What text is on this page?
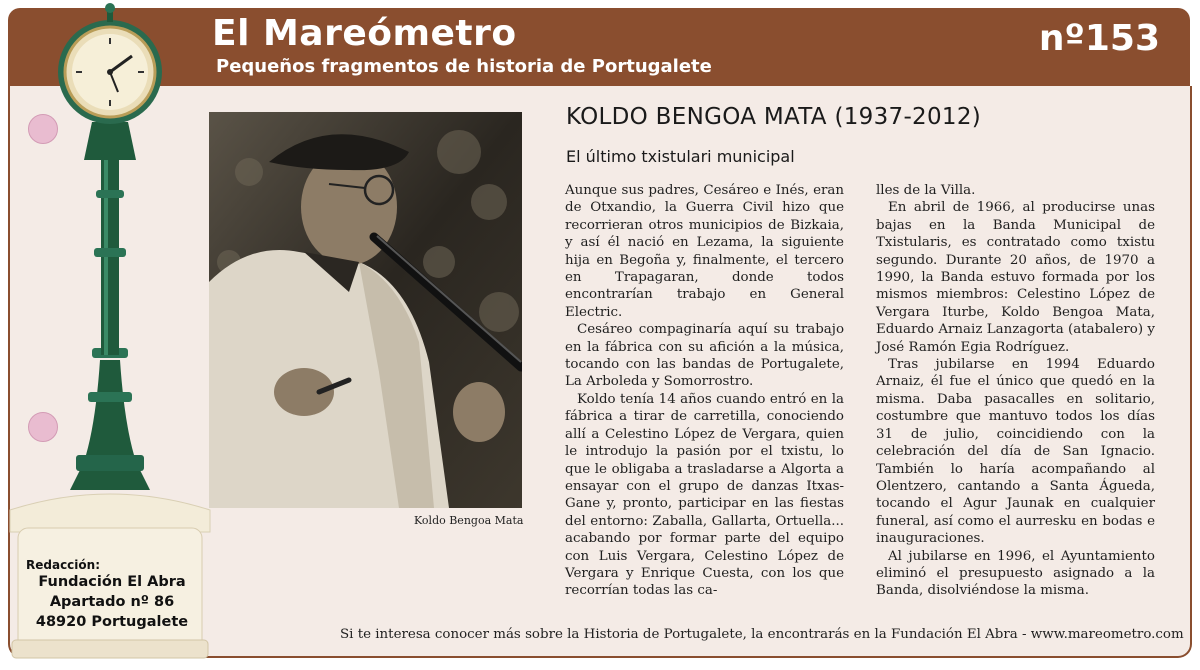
El Mareómetro
Pequeños fragmentos de historia de Portugalete
nº153
Koldo Bengoa Mata
KOLDO BENGOA MATA (1937-2012)
El último txistulari municipal

Aunque sus padres, Cesáreo e Inés, eran de Otxandio, la Guerra Civil hizo que recorrieran otros municipios de Bizkaia, y así él nació en Lezama, la siguiente hija en Begoña y, finalmente, el tercero en Trapagaran, donde todos encontrarían trabajo en General Electric.

Cesáreo compaginaría aquí su trabajo en la fábrica con su afición a la música, tocando con las bandas de Portugalete, La Arboleda y Somorrostro.

Koldo tenía 14 años cuando entró en la fábrica a tirar de carretilla, conociendo allí a Celestino López de Vergara, quien le introdujo la pasión por el txistu, lo que le obligaba a trasladarse a Algorta a ensayar con el grupo de danzas Itxas-Gane y, pronto, participar en las fiestas del entorno: Zaballa, Gallarta, Ortuella... acabando por formar parte del equipo con Luis Vergara, Celestino López de Vergara y Enrique Cuesta, con los que recorrían todas las ca-

lles de la Villa.

En abril de 1966, al producirse unas bajas en la Banda Municipal de Txistularis, es contratado como txistu segundo. Durante 20 años, de 1970 a 1990, la Banda estuvo formada por los mismos miembros: Celestino López de Vergara Iturbe, Koldo Bengoa Mata, Eduardo Arnaiz Lanzagorta (atabalero) y José Ramón Egia Rodríguez.

Tras jubilarse en 1994 Eduardo Arnaiz, él fue el único que quedó en la misma. Daba pasacalles en solitario, costumbre que mantuvo todos los días 31 de julio, coincidiendo con la celebración del día de San Ignacio. También lo haría acompañando al Olentzero, cantando a Santa Águeda, tocando el Agur Jaunak en cualquier funeral, así como el aurresku en bodas e inauguraciones.

Al jubilarse en 1996, el Ayuntamiento eliminó el presupuesto asignado a la Banda, disolviéndose la misma.

Redacción:
Fundación El Abra
Apartado nº 86
48920 Portugalete
Si te interesa conocer más sobre la Historia de Portugalete, la encontrarás en la Fundación El Abra - www.mareometro.com
